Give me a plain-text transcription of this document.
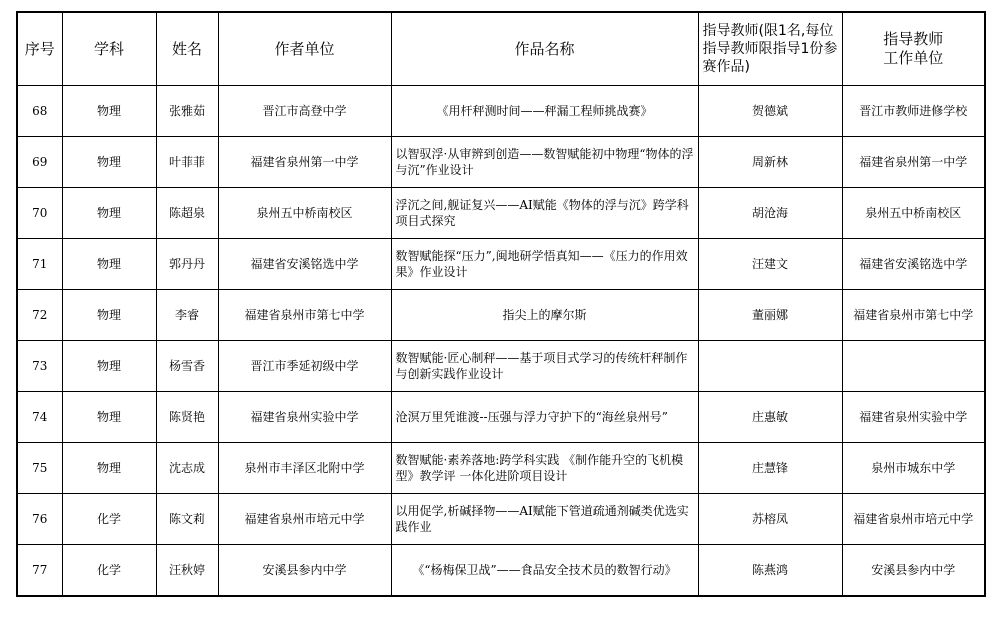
序号	学科	姓名	作者单位	作品名称	指导教师(限1名,每位指导教师限指导1份参赛作品)	指导教师
工作单位
68	物理	张雅茹	晋江市高登中学	《用杆秤测时间——秤漏工程师挑战赛》	贺德斌	晋江市教师进修学校
69	物理	叶菲菲	福建省泉州第一中学	以智驭浮·从审辨到创造——数智赋能初中物理“物体的浮与沉”作业设计	周新林	福建省泉州第一中学
70	物理	陈超泉	泉州五中桥南校区	浮沉之间,舰证复兴——AI赋能《物体的浮与沉》跨学科项目式探究	胡沧海	泉州五中桥南校区
71	物理	郭丹丹	福建省安溪铭选中学	数智赋能探“压力”,闽地研学悟真知——《压力的作用效果》作业设计	汪建文	福建省安溪铭选中学
72	物理	李睿	福建省泉州市第七中学	指尖上的摩尔斯	董丽娜	福建省泉州市第七中学
73	物理	杨雪香	晋江市季延初级中学	数智赋能·匠心制秤——基于项目式学习的传统杆秤制作与创新实践作业设计		
74	物理	陈贤艳	福建省泉州实验中学	沧溟万里凭谁渡--压强与浮力守护下的“海丝泉州号”	庄惠敏	福建省泉州实验中学
75	物理	沈志成	泉州市丰泽区北附中学	数智赋能·素养落地:跨学科实践 《制作能升空的飞机模型》教学评 一体化进阶项目设计	庄慧锋	泉州市城东中学
76	化学	陈文莉	福建省泉州市培元中学	以用促学,析碱择物——AI赋能下管道疏通剂碱类优选实践作业	苏榕凤	福建省泉州市培元中学
77	化学	汪秋婷	安溪县参内中学	《“杨梅保卫战”——食品安全技术员的数智行动》	陈燕鸿	安溪县参内中学
